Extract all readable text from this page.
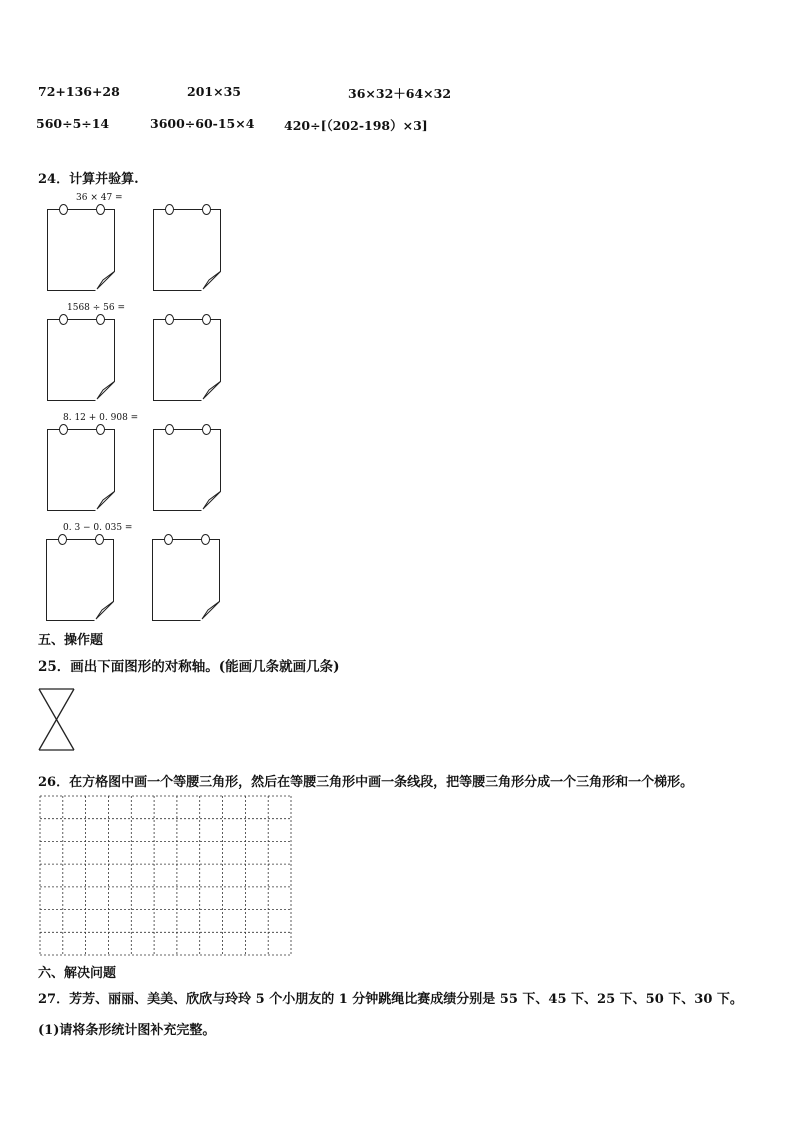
72+136+28	201×35	36×32＋64×32
560÷5÷14	3600÷60-15×4 420÷[（202-198）×3]
24．计算并验算.
36 × 47 =
1568 ÷ 56 =
8. 12 + 0. 908 =
0. 3 − 0. 035 =
五、操作题
25．画出下面图形的对称轴。(能画几条就画几条)
26．在方格图中画一个等腰三角形，然后在等腰三角形中画一条线段，把等腰三角形分成一个三角形和一个梯形。
六、解决问题
27．芳芳、丽丽、美美、欣欣与玲玲 5 个小朋友的 1 分钟跳绳比赛成绩分别是 55 下、45 下、25 下、50 下、30 下。
(1)请将条形统计图补充完整。
